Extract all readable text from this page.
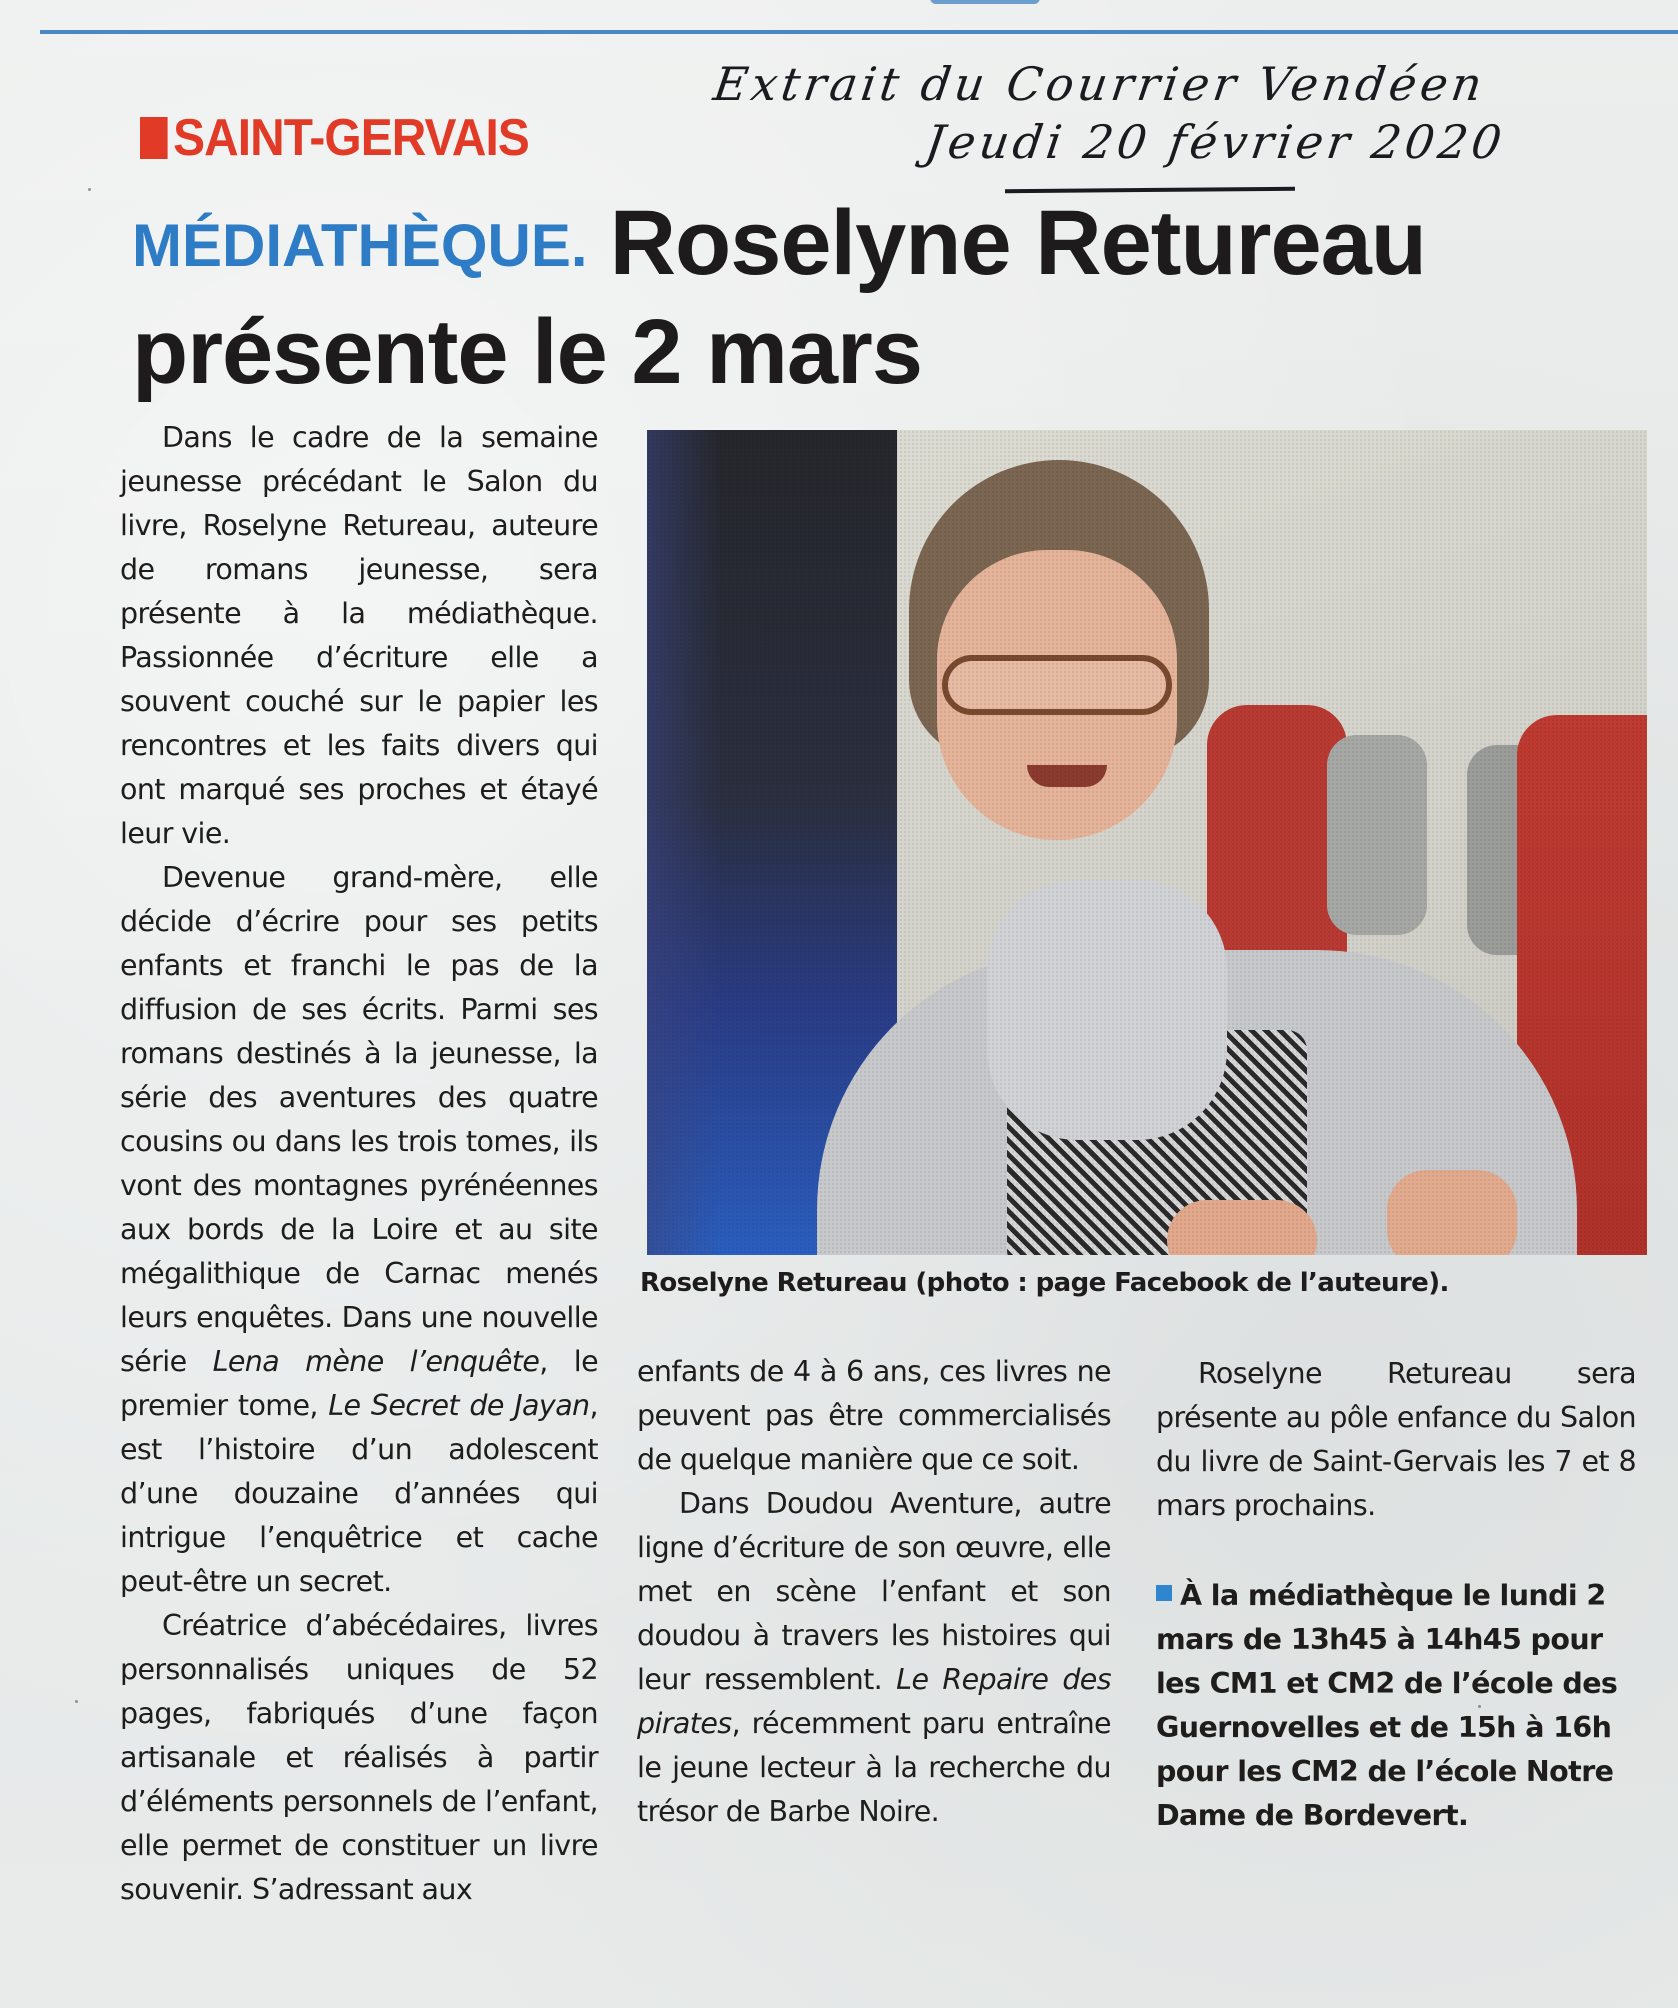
Extrait du Courrier Vendéen
Jeudi 20 février 2020
SAINT-GERVAIS
MÉDIATHÈQUE. Roselyne Retureau
présente le 2 mars

Dans le cadre de la semaine jeunesse précédant le Salon du livre, Roselyne Retureau, auteure de romans jeunesse, sera présente à la médiathèque. Passionnée d’écriture elle a souvent couché sur le papier les rencontres et les faits divers qui ont marqué ses proches et étayé leur vie.

Devenue grand-mère, elle décide d’écrire pour ses petits enfants et franchi le pas de la diffusion de ses écrits. Parmi ses romans destinés à la jeunesse, la série des aventures des quatre cousins ou dans les trois tomes, ils vont des montagnes pyrénéennes aux bords de la Loire et au site mégalithique de Carnac menés leurs enquêtes. Dans une nouvelle série Lena mène l’enquête, le premier tome, Le Secret de Jayan, est l’histoire d’un adolescent d’une douzaine d’années qui intrigue l’enquêtrice et cache peut-être un secret.

Créatrice d’abécédaires, livres personnalisés uniques de 52 pages, fabriqués d’une façon artisanale et réalisés à partir d’éléments personnels de l’enfant, elle permet de constituer un livre souvenir. S’adressant aux

Roselyne Retureau (photo : page Facebook de l’auteure).

enfants de 4 à 6 ans, ces livres ne peuvent pas être commercialisés de quelque manière que ce soit.

Dans Doudou Aventure, autre ligne d’écriture de son œuvre, elle met en scène l’enfant et son doudou à travers les histoires qui leur ressemblent. Le Repaire des pirates, récemment paru entraîne le jeune lecteur à la recherche du trésor de Barbe Noire.

Roselyne Retureau sera présente au pôle enfance du Salon du livre de Saint-Gervais les 7 et 8 mars prochains.

À la médiathèque le lundi 2 mars de 13h45 à 14h45 pour les CM1 et CM2 de l’école des Guernovelles et de 15h à 16h pour les CM2 de l’école Notre Dame de Bordevert.
